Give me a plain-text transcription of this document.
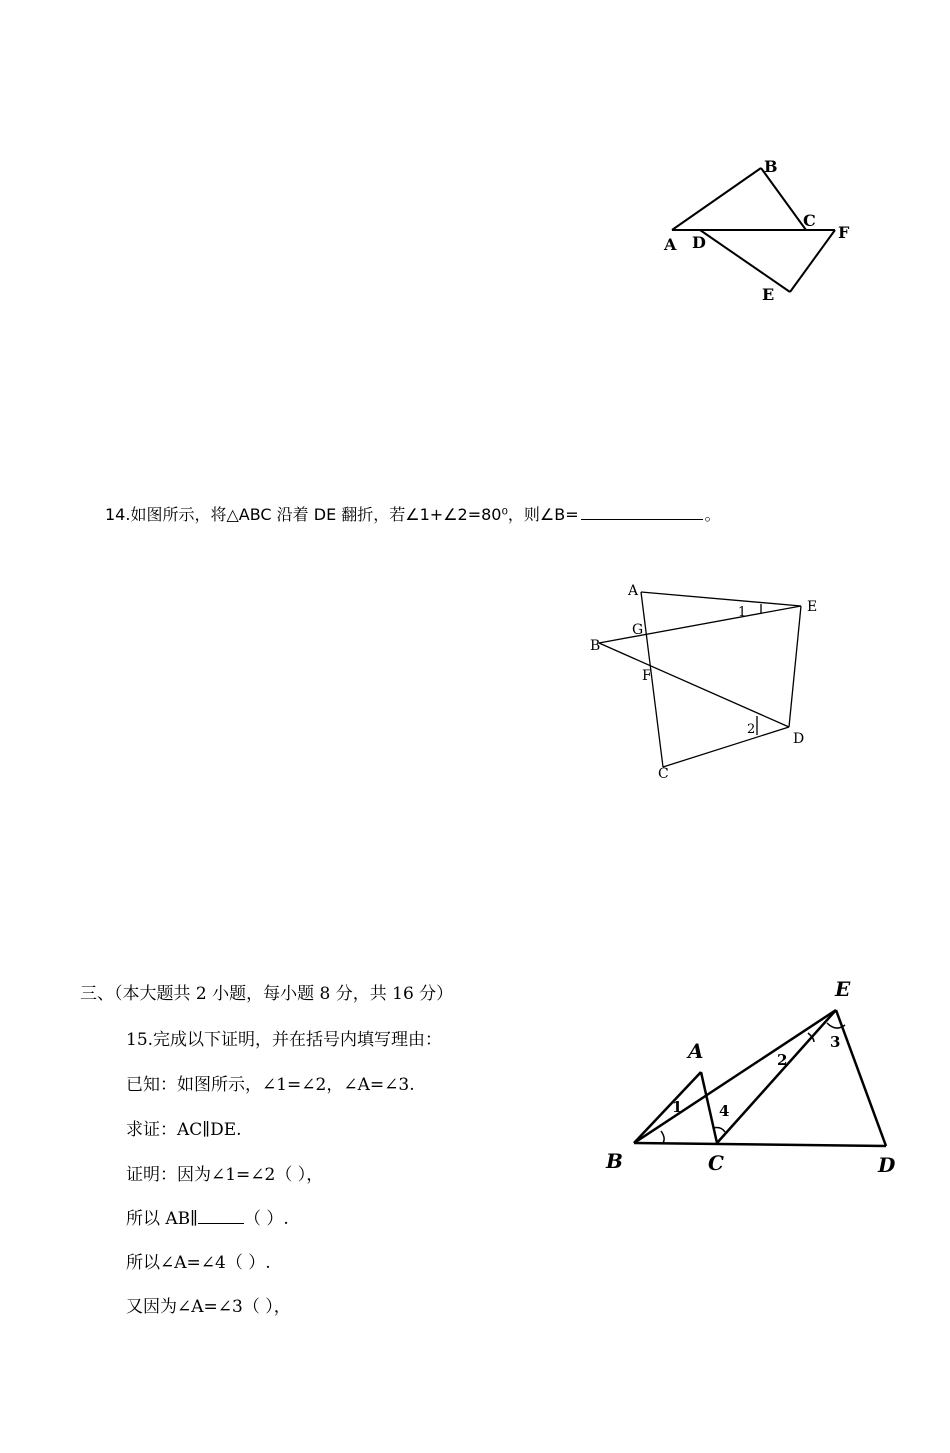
A D
B
C
F
E
14.如图所示，将△ABC 沿着 DE 翻折，若∠1+∠2=80⁰，则∠B=	。
A
E
G
B
F
D
C
1
2
三、（本大题共 2 小题，每小题 8 分，共 16 分）
15.完成以下证明，并在括号内填写理由：
已知：如图所示，∠1=∠2，∠A=∠3.
求证：AC∥DE.
证明：因为∠1=∠2（ ），
所以 AB∥	（ ）.
所以∠A=∠4（ ）.
又因为∠A=∠3（ ），
A
E
B	C	D
1
2
3
4
